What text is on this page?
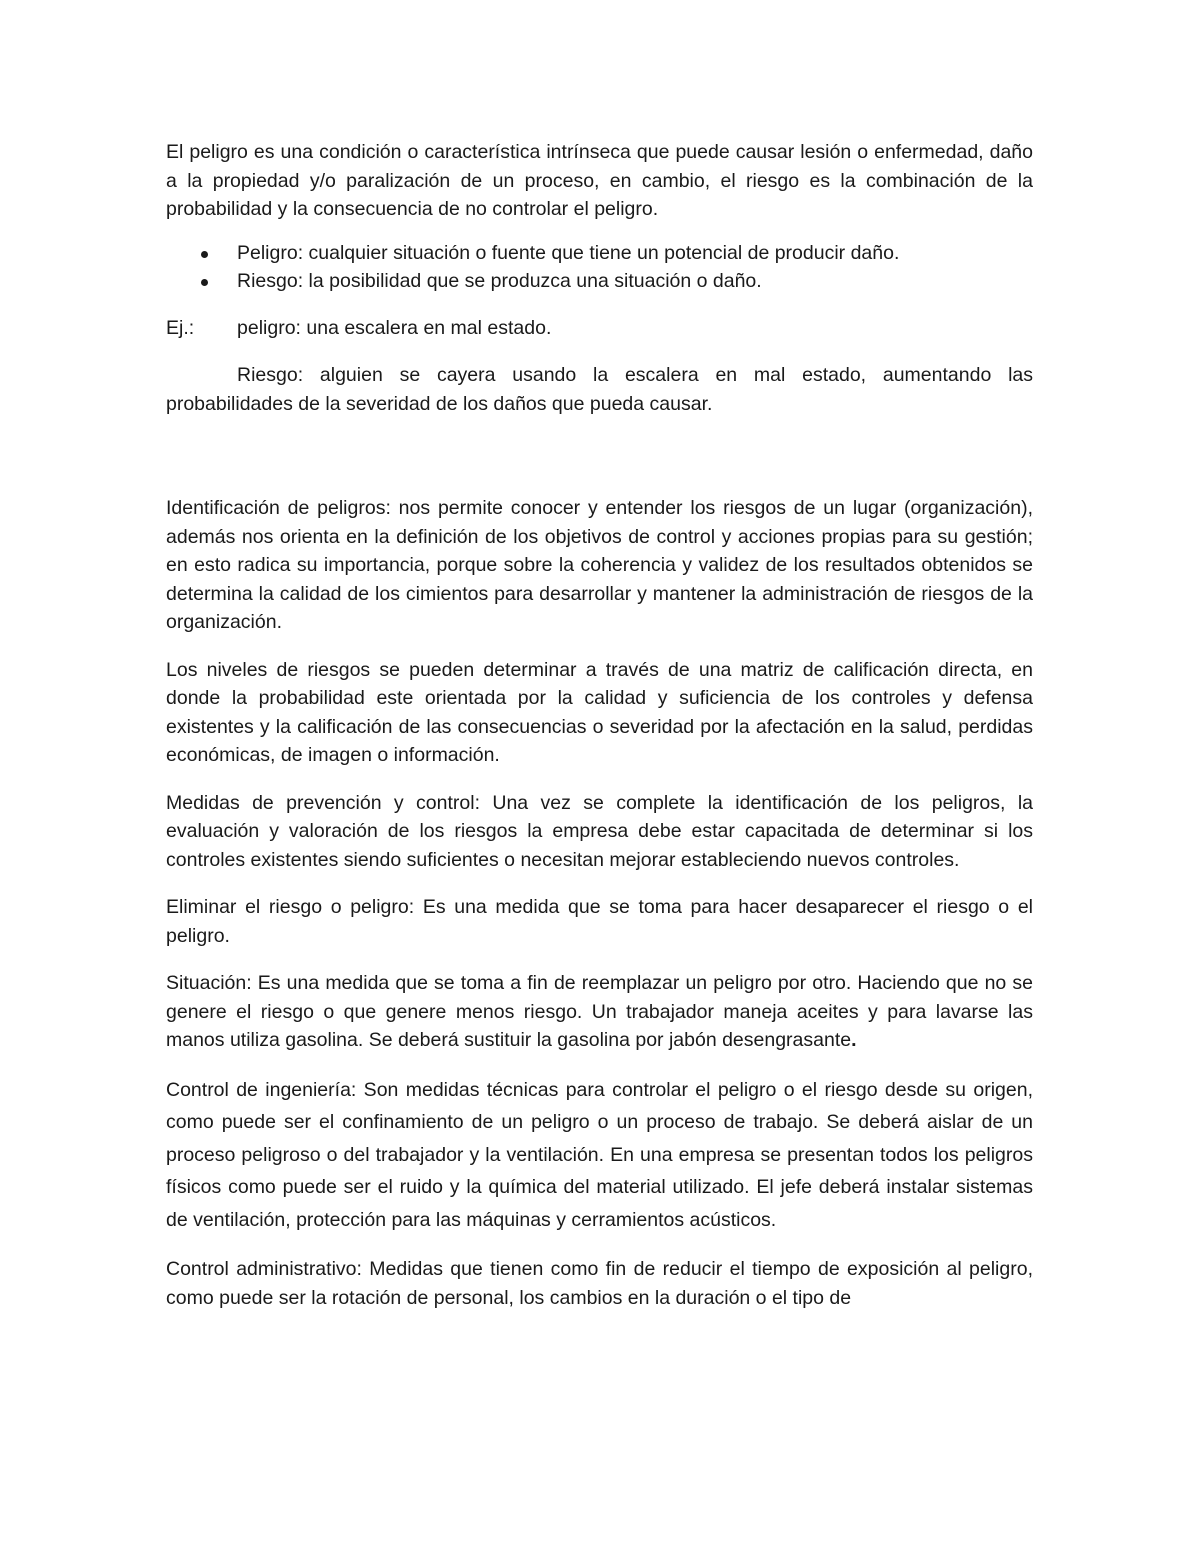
El peligro es una condición o característica intrínseca que puede causar lesión o enfermedad, daño a la propiedad y/o paralización de un proceso, en cambio, el riesgo es la combinación de la probabilidad y la consecuencia de no controlar el peligro.

Peligro: cualquier situación o fuente que tiene un potencial de producir daño.
Riesgo: la posibilidad que se produzca una situación o daño.
Ej.:	peligro: una escalera en mal estado.

Riesgo: alguien se cayera usando la escalera en mal estado, aumentando las probabilidades de la severidad de los daños que pueda causar.

Identificación de peligros: nos permite conocer y entender los riesgos de un lugar (organización), además nos orienta en la definición de los objetivos de control y acciones propias para su gestión; en esto radica su importancia, porque sobre la coherencia y validez de los resultados obtenidos se determina la calidad de los cimientos para desarrollar y mantener la administración de riesgos de la organización.

Los niveles de riesgos se pueden determinar a través de una matriz de calificación directa, en donde la probabilidad este orientada por la calidad y suficiencia de los controles y defensa existentes y la calificación de las consecuencias o severidad por la afectación en la salud, perdidas económicas, de imagen o información.

Medidas de prevención y control: Una vez se complete la identificación de los peligros, la evaluación y valoración de los riesgos la empresa debe estar capacitada de determinar si los controles existentes siendo suficientes o necesitan mejorar estableciendo nuevos controles.

Eliminar el riesgo o peligro: Es una medida que se toma para hacer desaparecer el riesgo o el peligro.

Situación: Es una medida que se toma a fin de reemplazar un peligro por otro. Haciendo que no se genere el riesgo o que genere menos riesgo. Un trabajador maneja aceites y para lavarse las manos utiliza gasolina. Se deberá sustituir la gasolina por jabón desengrasante.

Control de ingeniería: Son medidas técnicas para controlar el peligro o el riesgo desde su origen, como puede ser el confinamiento de un peligro o un proceso de trabajo. Se deberá aislar de un proceso peligroso o del trabajador y la ventilación. En una empresa se presentan todos los peligros físicos como puede ser el ruido y la química del material utilizado. El jefe deberá instalar sistemas de ventilación, protección para las máquinas y cerramientos acústicos.

Control administrativo: Medidas que tienen como fin de reducir el tiempo de exposición al peligro, como puede ser la rotación de personal, los cambios en la duración o el tipo de
